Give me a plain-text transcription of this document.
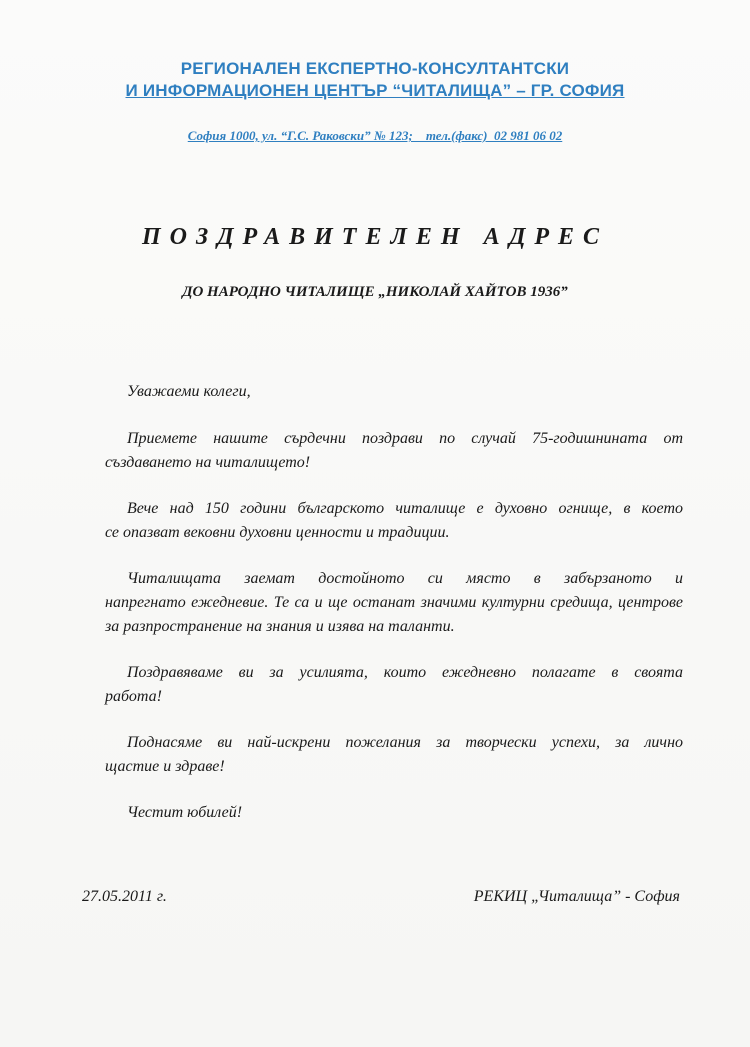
РЕГИОНАЛЕН ЕКСПЕРТНО-КОНСУЛТАНТСКИ
И ИНФОРМАЦИОНЕН ЦЕНТЪР “ЧИТАЛИЩА” – ГР. СОФИЯ
София 1000, ул. “Г.С. Раковски” № 123;    тел.(факс)  02 981 06 02
ПОЗДРАВИТЕЛЕН АДРЕС
ДО НАРОДНО ЧИТАЛИЩЕ „НИКОЛАЙ ХАЙТОВ 1936”
Уважаеми колеги,
Приемете нашите сърдечни поздрави по случай 75-годишнината от
създаването на читалището!
Вече над 150 години българското читалище е духовно огнище, в което
се опазват вековни духовни ценности и традиции.
Читалищата заемат достойното си място в забързаното и
напрегнато ежедневие. Те са и ще останат значими културни средища, центрове за разпространение на знания и изява на таланти.
Поздравяваме ви за усилията, които ежедневно полагате в своята
работа!
Поднасяме ви най-искрени пожелания за творчески успехи, за лично
щастие и здраве!
Честит юбилей!
27.05.2011 г.	РЕКИЦ „Читалища” - София
